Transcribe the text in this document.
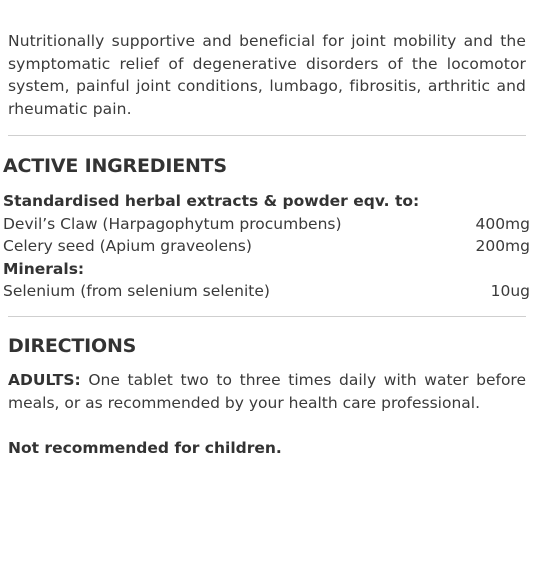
Nutritionally supportive and beneficial for joint mobility and the symptomatic relief of degenerative disorders of the locomotor system, painful joint conditions, lumbago, fibrositis, arthritic and rheumatic pain.

ACTIVE INGREDIENTS
Standardised herbal extracts & powder eqv. to:
Devil’s Claw (Harpagophytum procumbens)	400mg
Celery seed (Apium graveolens)	200mg
Minerals:
Selenium (from selenium selenite)	10ug
DIRECTIONS

ADULTS: One tablet two to three times daily with water before meals, or as recommended by your health care professional.

Not recommended for children.
